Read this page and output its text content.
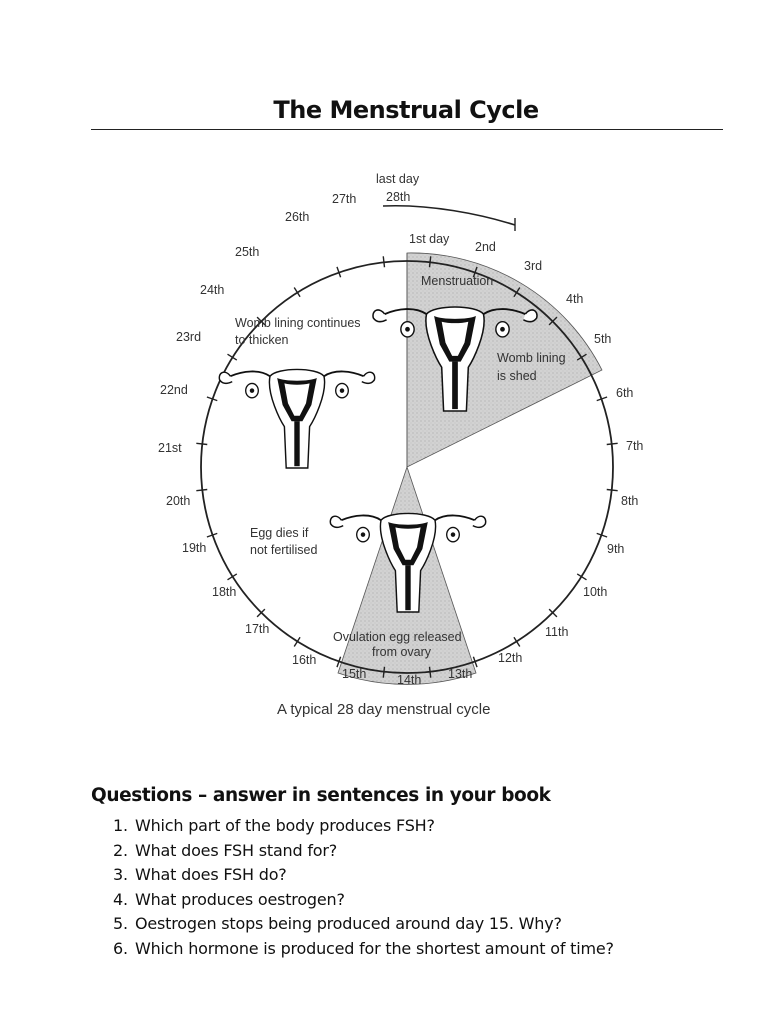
The Menstrual Cycle
last day
28th
27th
26th
25th
24th
23rd
22nd
21st
20th
19th
18th
17th
16th
15th 14th 13th
12th
11th
10th
9th
8th
7th
6th
5th
4th
3rd
2nd
1st day
Menstruation
Womb lining
is shed
Womb lining continues
to thicken
Egg dies if
not fertilised
Ovulation egg released
from ovary
A typical 28 day menstrual cycle
Questions – answer in sentences in your book
1. Which part of the body produces FSH?
2. What does FSH stand for?
3. What does FSH do?
4. What produces oestrogen?
5. Oestrogen stops being produced around day 15. Why?
6. Which hormone is produced for the shortest amount of time?
